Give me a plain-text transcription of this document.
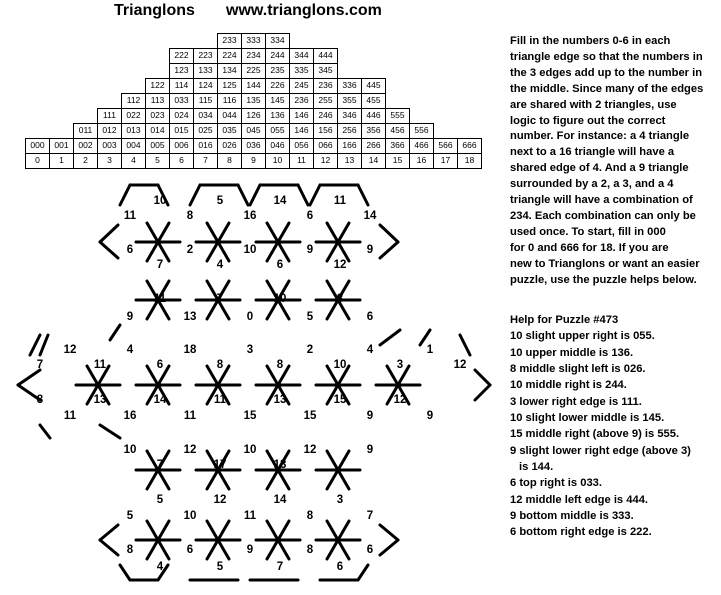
Trianglons www.trianglons.com
233	333	334
222	223	224	234	244	344	444
123	133	134	225	235	335	345
122	114	124	125	144	226	245	236	336	445
112	113	033	115	116	135	145	236	255	355	455
111	022	023	024	034	044	126	136	146	246	346	446	555
011	012	013	014	015	025	035	045	055	146	156	256	356	456	556
000	001	002	003	004	005	006	016	026	036	046	056	066	166	266	366	466	566	666
0	1	2	3	4	5	6	7	8	9	10	11	12	13	14	15	16	17	18
10	5	14
11	8	16	6	14
11
6	2	10	9	9
7	4	6	12
11	7	10	8
9	13	0	5	6
12	4	18	3	2	4	1
7	11	6	8	8	10	3	12
8	13	14	11	13	15	12
9
11	16	11	15	15	9
10	12	10	12	9
7	17	13
5	12	14	3
5	10	11	8	7
8	6	9	8	6
4	5	7	6
Fill in the numbers 0-6 in each
triangle edge so that the numbers in
the 3 edges add up to the number in
the middle. Since many of the edges
are shared with 2 triangles, use
logic to figure out the correct
number. For instance: a 4 triangle
next to a 16 triangle will have a
shared edge of 4. And a 9 triangle
surrounded by a 2, a 3, and a 4
triangle will have a combination of
234. Each combination can only be
used once. To start, fill in 000
for 0 and 666 for 18. If you are
new to Trianglons or want an easier
puzzle, use the puzzle helps below.
Help for Puzzle #473
10 slight upper right is 055.
10 upper middle is 136.
8 middle slight left is 026.
10 middle right is 244.
3 lower right edge is 111.
10 slight lower middle is 145.
15 middle right (above 9) is 555.
9 slight lower right edge (above 3)
is 144.
6 top right is 033.
12 middle left edge is 444.
9 bottom middle is 333.
6 bottom right edge is 222.
